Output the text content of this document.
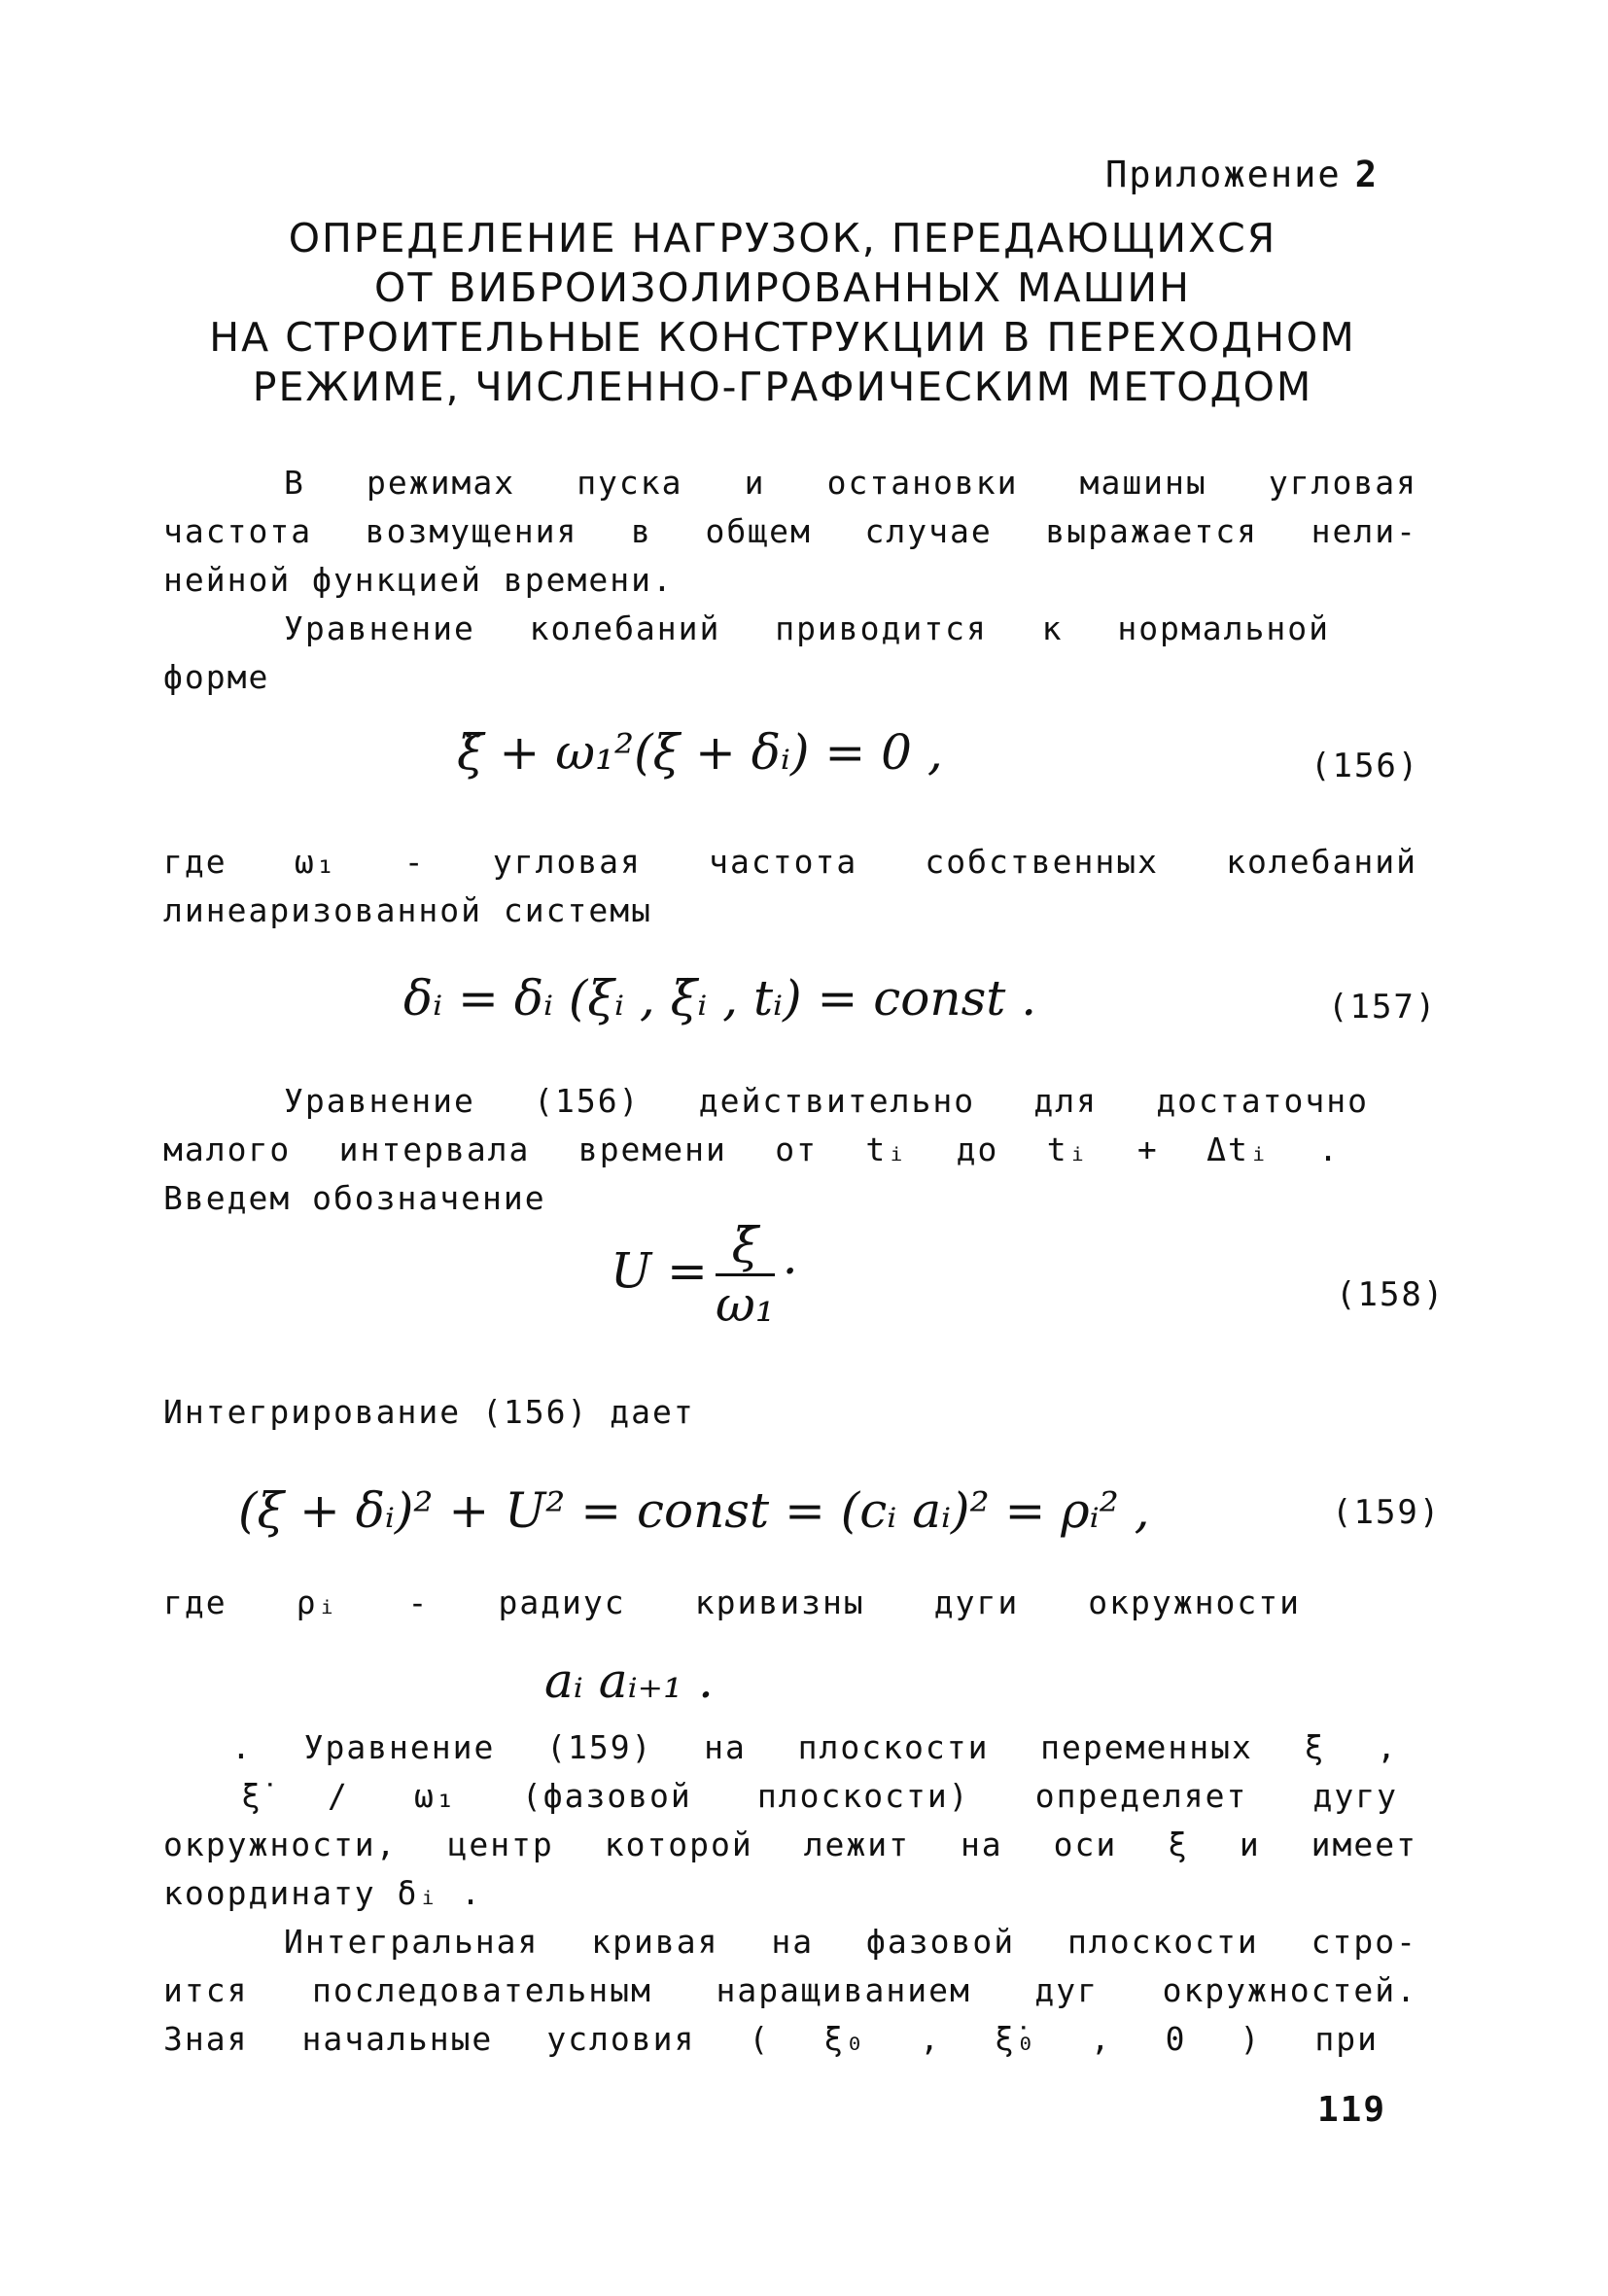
Приложение 2
ОПРЕДЕЛЕНИЕ НАГРУЗОК, ПЕРЕДАЮЩИХСЯ
ОТ ВИБРОИЗОЛИРОВАННЫХ МАШИН
НА СТРОИТЕЛЬНЫЕ КОНСТРУКЦИИ В ПЕРЕХОДНОМ
РЕЖИМЕ, ЧИСЛЕННО-ГРАФИЧЕСКИМ МЕТОДОМ
В режимах пуска и остановки машины угловая
частота возмущения в общем случае выражается нели-
нейной функцией времени.
Уравнение колебаний приводится к нормальной
форме
ξ̈ + ω₁²(ξ + δᵢ) = 0 ,	(156)
где ω₁ - угловая частота собственных колебаний
линеаризованной системы
δᵢ = δᵢ (ξᵢ , ξ̇ᵢ , tᵢ) = const .	(157)
Уравнение (156) действительно для достаточно
малого интервала времени от tᵢ до tᵢ + Δtᵢ .
Введем обозначение
$U = \frac{\xi̇}{\text{ω₁}}$ ·	(158)
Интегрирование (156) дает
(ξ + δᵢ)² + U² = const = (cᵢ aᵢ)² = ρᵢ² ,	(159)
где ρᵢ - радиус кривизны дуги окружности
aᵢ aᵢ₊₁ .
. Уравнение (159) на плоскости переменных ξ ,
ξ̇ / ω₁ (фазовой плоскости) определяет дугу
окружности, центр которой лежит на оси ξ и имеет
координату δᵢ .
Интегральная кривая на фазовой плоскости стро-
ится последовательным наращиванием дуг окружностей.
Зная начальные условия ( ξ₀ , ξ̇₀ , 0 ) при
119
